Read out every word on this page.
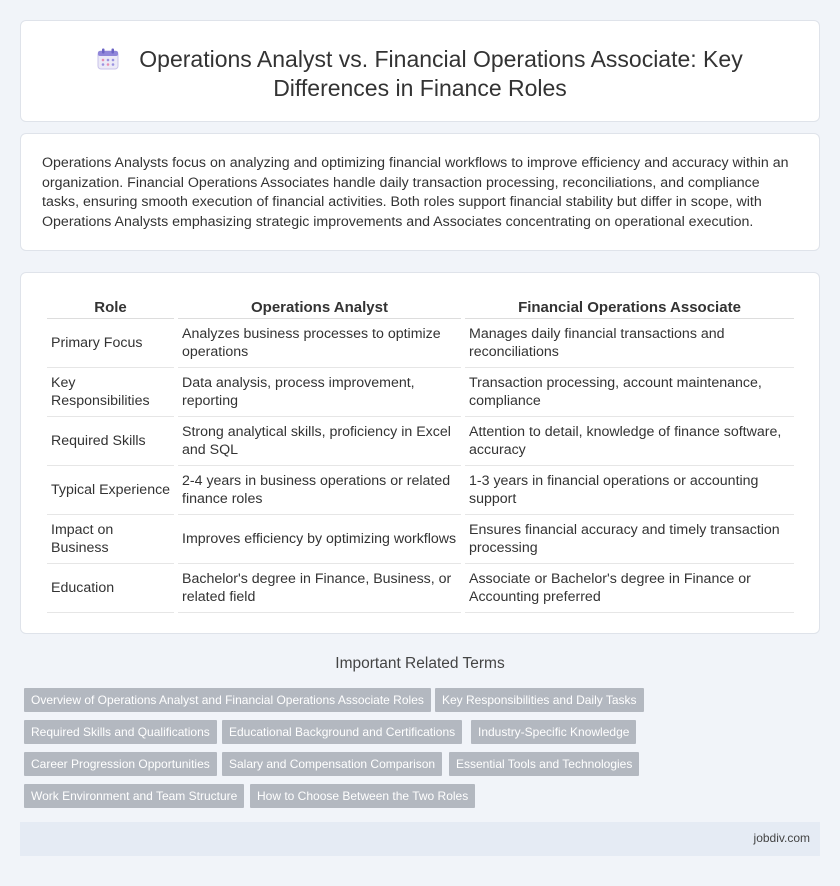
Operations Analyst vs. Financial Operations Associate: Key
Differences in Finance Roles

Operations Analysts focus on analyzing and optimizing financial workflows to improve efficiency and accuracy within an organization. Financial Operations Associates handle daily transaction processing, reconciliations, and compliance tasks, ensuring smooth execution of financial activities. Both roles support financial stability but differ in scope, with Operations Analysts emphasizing strategic improvements and Associates concentrating on operational execution.

Role	Operations Analyst	Financial Operations Associate
Primary Focus	Analyzes business processes to optimize operations	Manages daily financial transactions and reconciliations
Key Responsibilities	Data analysis, process improvement, reporting	Transaction processing, account maintenance, compliance
Required Skills	Strong analytical skills, proficiency in Excel and SQL	Attention to detail, knowledge of finance software, accuracy
Typical Experience	2-4 years in business operations or related finance roles	1-3 years in financial operations or accounting support
Impact on Business	Improves efficiency by optimizing workflows	Ensures financial accuracy and timely transaction processing
Education	Bachelor's degree in Finance, Business, or related field	Associate or Bachelor's degree in Finance or Accounting preferred
Important Related Terms
Overview of Operations Analyst and Financial Operations Associate Roles	Key Responsibilities and Daily Tasks
Required Skills and Qualifications	Educational Background and Certifications	Industry-Specific Knowledge
Career Progression Opportunities	Salary and Compensation Comparison	Essential Tools and Technologies
Work Environment and Team Structure	How to Choose Between the Two Roles
jobdiv.com
